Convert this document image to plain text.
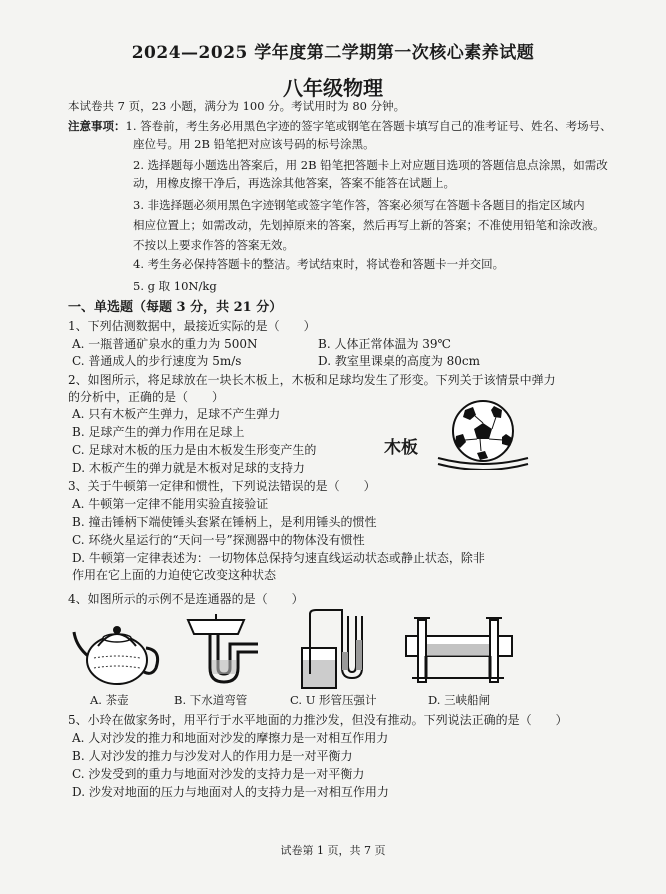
2024—2025 学年度第二学期第一次核心素养试题
八年级物理
本试卷共 7 页，23 小题，满分为 100 分。考试用时为 80 分钟。
注意事项：1. 答卷前，考生务必用黑色字迹的签字笔或钢笔在答题卡填写自己的准考证号、姓名、考场号、
座位号。用 2B 铅笔把对应该号码的标号涂黑。
2. 选择题每小题选出答案后，用 2B 铅笔把答题卡上对应题目选项的答题信息点涂黑，如需改
动，用橡皮擦干净后，再选涂其他答案，答案不能答在试题上。
3. 非选择题必须用黑色字迹钢笔或签字笔作答，答案必须写在答题卡各题目的指定区域内
相应位置上；如需改动，先划掉原来的答案，然后再写上新的答案；不准使用铅笔和涂改液。
不按以上要求作答的答案无效。
4. 考生务必保持答题卡的整洁。考试结束时，将试卷和答题卡一并交回。
5. g 取 10N/kg
一、单选题（每题 3 分，共 21 分）
1、下列估测数据中，最接近实际的是（　　）
A. 一瓶普通矿泉水的重力为 500N	B. 人体正常体温为 39℃
C. 普通成人的步行速度为 5m/s	D. 教室里课桌的高度为 80cm
2、如图所示，将足球放在一块长木板上，木板和足球均发生了形变。下列关于该情景中弹力
的分析中，正确的是（　　）
A. 只有木板产生弹力，足球不产生弹力
B. 足球产生的弹力作用在足球上
C. 足球对木板的压力是由木板发生形变产生的
D. 木板产生的弹力就是木板对足球的支持力
木板
3、关于牛顿第一定律和惯性，下列说法错误的是（　　）
A. 牛顿第一定律不能用实验直接验证
B. 撞击锤柄下端使锤头套紧在锤柄上，是利用锤头的惯性
C. 环绕火星运行的“天问一号”探测器中的物体没有惯性
D. 牛顿第一定律表述为：一切物体总保持匀速直线运动状态或静止状态，除非
作用在它上面的力迫使它改变这种状态
4、如图所示的示例不是连通器的是（　　）
A. 茶壶	B. 下水道弯管	C. U 形管压强计	D. 三峡船闸
5、小玲在做家务时，用平行于水平地面的力推沙发，但没有推动。下列说法正确的是（　　）
A. 人对沙发的推力和地面对沙发的摩擦力是一对相互作用力
B. 人对沙发的推力与沙发对人的作用力是一对平衡力
C. 沙发受到的重力与地面对沙发的支持力是一对平衡力
D. 沙发对地面的压力与地面对人的支持力是一对相互作用力
试卷第 1 页，共 7 页
